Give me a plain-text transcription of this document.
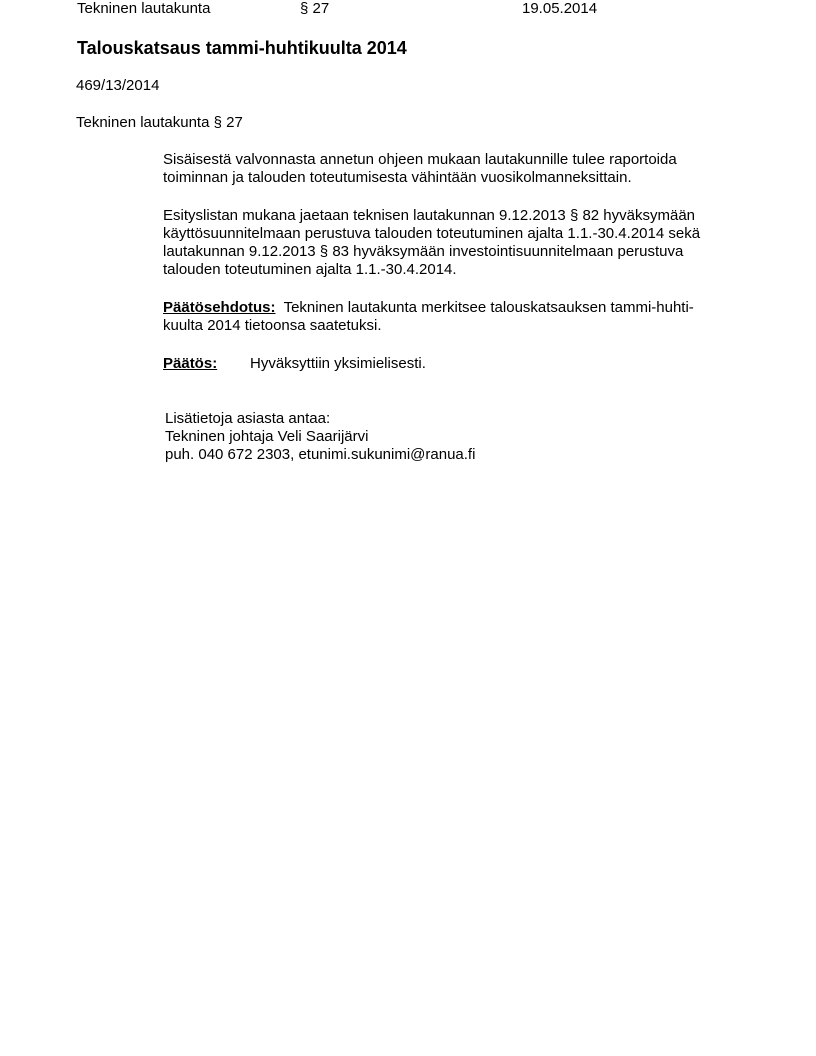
Tekninen lautakunta	§ 27	19.05.2014
Talouskatsaus tammi-huhtikuulta 2014
469/13/2014
Tekninen lautakunta § 27
Sisäisestä valvonnasta annetun ohjeen mukaan lautakunnille tulee raportoida
toiminnan ja talouden toteutumisesta vähintään vuosikolmanneksittain.
Esityslistan mukana jaetaan teknisen lautakunnan 9.12.2013 § 82 hyväksymään
käyttösuunnitelmaan perustuva talouden toteutuminen ajalta 1.1.-30.4.2014 sekä
lautakunnan 9.12.2013 § 83 hyväksymään investointisuunnitelmaan perustuva
talouden toteutuminen ajalta 1.1.-30.4.2014.
Päätösehdotus: Tekninen lautakunta merkitsee talouskatsauksen tammi-huhti-
kuulta 2014 tietoonsa saatetuksi.
Päätös: Hyväksyttiin yksimielisesti.
Lisätietoja asiasta antaa:
Tekninen johtaja Veli Saarijärvi
puh. 040 672 2303, etunimi.sukunimi@ranua.fi
